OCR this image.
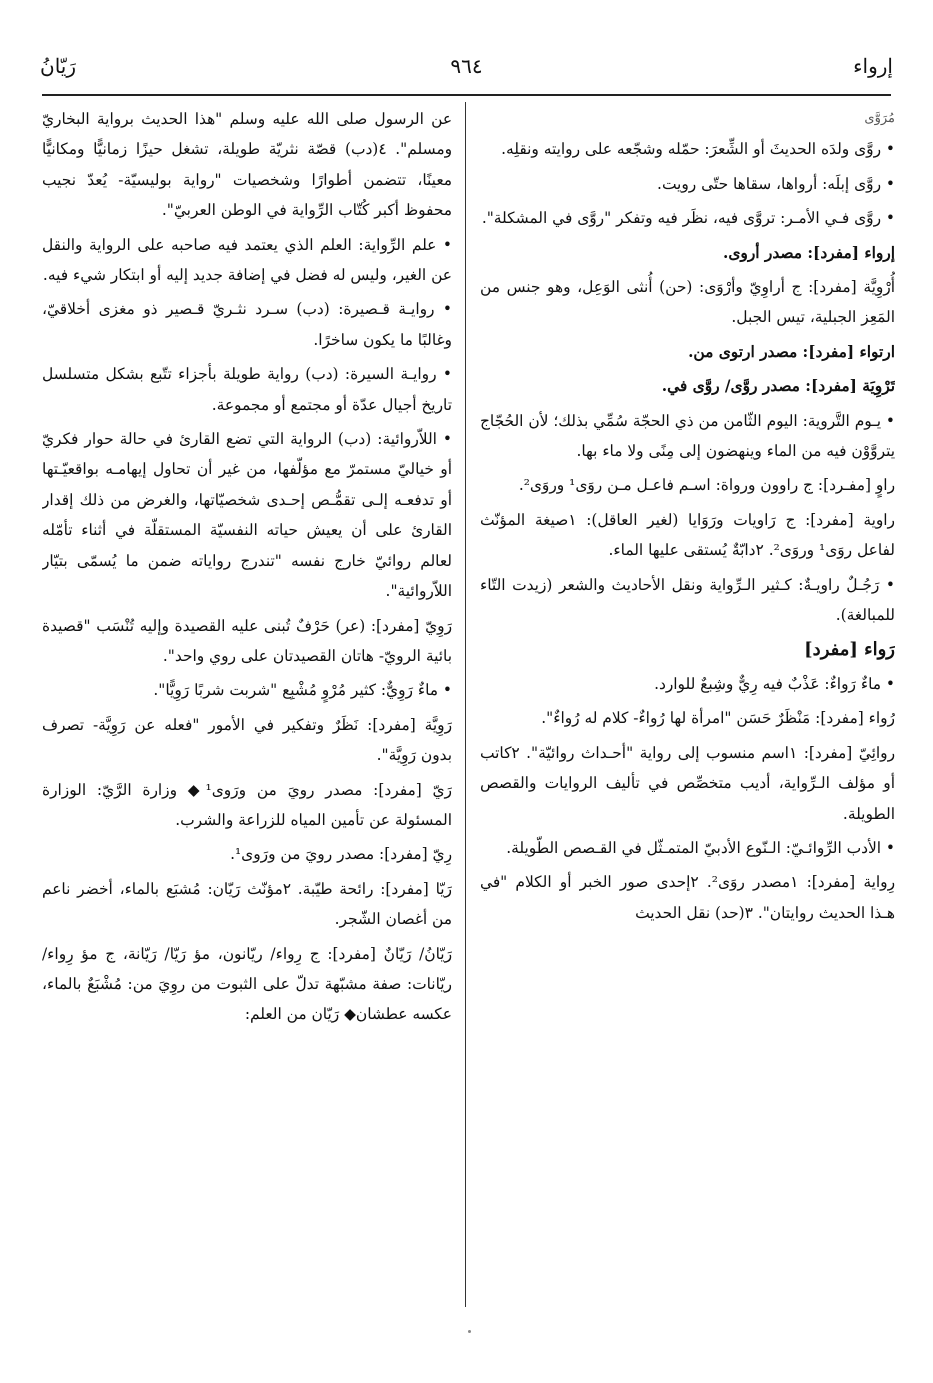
إرواء
٩٦٤
رَيّانُ

مُرَوَّى

• روَّى ولدَه الحديثَ أو الشِّعرَ: حمّله وشجّعه على روايته ونقلِه.

• روَّى إبلَه: أرواها، سقاها حتّى رويت.

• روَّى فـي الأمـر: تروَّى فيه، نظَر فيه وتفكر "روَّى في المشكلة".

إرواء [مفرد]: مصدر أروى.

أُرْوِيَّة [مفرد]: ج أراوِيّ وأرْوَى: (حن) أُنثى الوَعِل، وهو جنس من المَعِز الجبلية، تيس الجبل.

ارتواء [مفرد]: مصدر ارتوى من.

تَرْوِيَة [مفرد]: مصدر روَّى/ روَّى في.

• يـوم التَّروية: اليوم الثّامن من ذي الحجّة سُمِّي بذلك؛ لأن الحُجّاج يتروَّوْن فيه من الماء وينهضون إلى مِنًى ولا ماء بها.

راوٍ [مفـرد]: ج راوون ورواة: اسـم فاعـل مـن روَى¹ وروَى².

راوية [مفرد]: ج رَاويات ورَوَايا (لغير العاقل): ١صيغة المؤنّث لفاعل روَى¹ وروَى². ٢دابّةٌ يُستقى عليها الماء.

• رَجُـلٌ راويـةٌ: كـثير الـرِّواية ونقل الأحاديث والشعر (زيدت التّاء للمبالغة).

رَواء [مفرد]

• ماءٌ رَواءٌ: عَذْبٌ فيه رِيٌّ وشِبعٌ للوارد.

رُواء [مفرد]: مَنْظَرٌ حَسَن "امرأة لها رُواءٌ- كلام له رُواءٌ".

روائِيّ [مفرد]: ١اسم منسوب إلى رواية "أحـداث روائيّة". ٢كاتب أو مؤلف الـرِّواية، أديب متخصِّص في تأليف الروايات والقصص الطويلة.

• الأدب الرِّوائـيّ: الـنّوع الأدبيّ المتمـثّل في القـصص الطّويلة.

رِواية [مفرد]: ١مصدر روَى². ٢إحدى صور الخبر أو الكلام "في هـذا الحديث روايتان". ٣(حد) نقل الحديث

عن الرسول صلى الله عليه وسلم "هذا الحديث برواية البخاريّ ومسلم". ٤(دب) قصّة نثريّة طويلة، تشغل حيزًا زمانيًّا ومكانيًّا معينًا، تتضمن أطوارًا وشخصيات "رواية بوليسيّة- يُعدّ نجيب محفوظ أكبر كُتّاب الرِّواية في الوطن العربيّ".

• علم الرِّواية: العلم الذي يعتمد فيه صاحبه على الرواية والنقل عن الغير، وليس له فضل في إضافة جديد إليه أو ابتكار شيء فيه.

• روايـة قـصيرة: (دب) سـرد نثـريّ قـصير ذو مغزى أخلاقيّ، وغالبًا ما يكون ساخرًا.

• روايـة السيرة: (دب) رواية طويلة بأجزاء تتّبع بشكل متسلسل تاريخ أجيال عدّة أو مجتمع أو مجموعة.

• اللاّروائية: (دب) الرواية التي تضع القارئ في حالة حوار فكريّ أو خياليّ مستمرّ مع مؤلّفها، من غير أن تحاول إيهامـه بواقعيّـتها أو تدفعـه إلـى تقمُّـص إحـدى شخصيّاتها، والغرض من ذلك إقدار القارئ على أن يعيش حياته النفسيّة المستقلّة في أثناء تأمّله لعالم روائيّ خارج نفسه "تندرج رواياته ضمن ما يُسمّى بتيّار اللاّروائية".

رَوِيّ [مفرد]: (عر) حَرْفٌ تُبنى عليه القصيدة وإليه تُنْسَب "قصيدة بائية الرويّ- هاتان القصيدتان على روي واحد".

• ماءٌ رَوِيٌّ: كثير مُرْوٍ مُشْبِع "شربت شربًا رَوِيًّا".

رَوِيَّة [مفرد]: نَظَرٌ وتفكير في الأمور "فعله عن رَوِيَّة- تصرف بدون رَوِيَّة".

رَيّ [مفرد]: مصدر رويَ من ورَوى¹◆ وزارة الرَّيّ: الوزارة المسئولة عن تأمين المياه للزراعة والشرب.

رِيّ [مفرد]: مصدر رويَ من ورَوى¹.

رَيّا [مفرد]: رائحة طيّبة. ٢مؤنّث رَيّان: مُشبَع بالماء، أخضر ناعم من أغصان الشّجر.

رَيّانُ/ رَيّانٌ [مفرد]: ج رِواء/ ريّانون، مؤ رَيّا/ رَيّانة، ج مؤ رِواء/ ريّانات: صفة مشبّهة تدلّ على الثبوت من روِيَ من: مُشْبَعٌ بالماء، عكسه عطشان◆ رَيّان من العلم:
